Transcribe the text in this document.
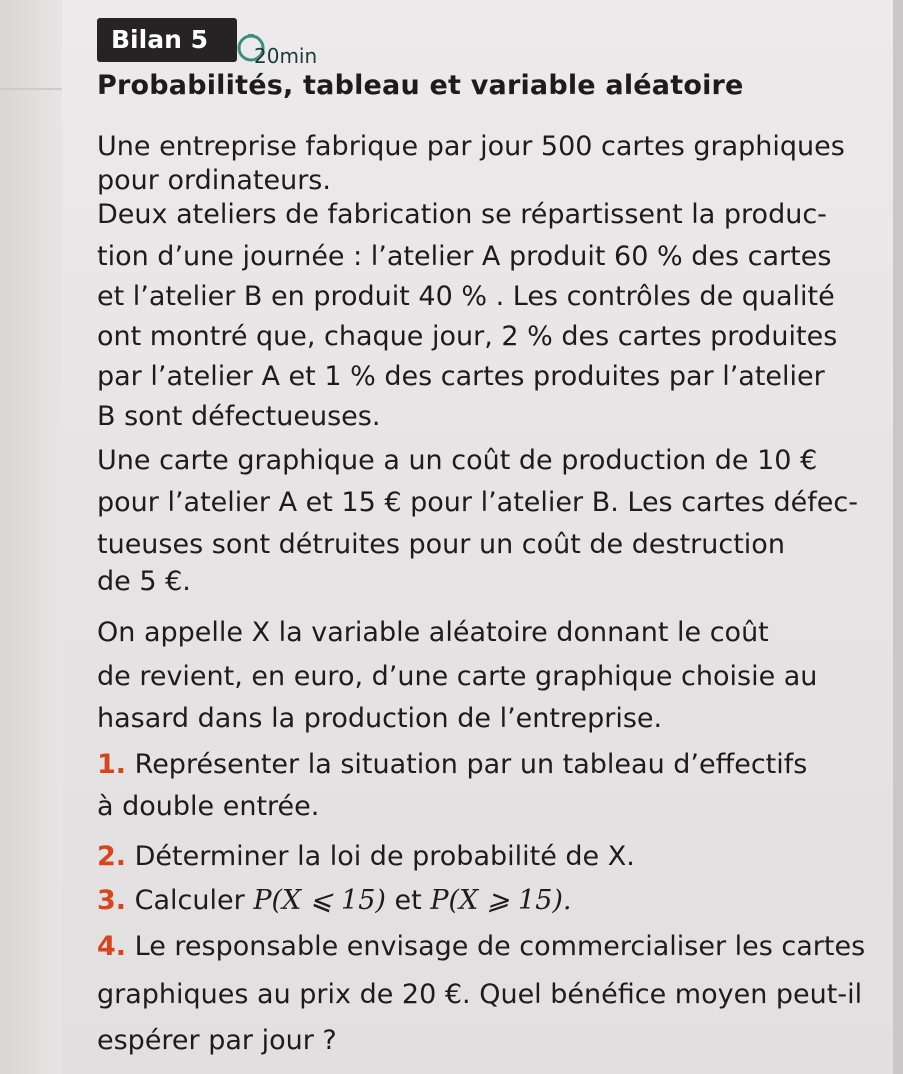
Bilan 5
20min
Probabilités, tableau et variable aléatoire
Une entreprise fabrique par jour 500 cartes graphiques
pour ordinateurs.
Deux ateliers de fabrication se répartissent la produc-
tion d’une journée : l’atelier A produit 60 % des cartes
et l’atelier B en produit 40 % . Les contrôles de qualité
ont montré que, chaque jour, 2 % des cartes produites
par l’atelier A et 1 % des cartes produites par l’atelier
B sont défectueuses.
Une carte graphique a un coût de production de 10 €
pour l’atelier A et 15 € pour l’atelier B. Les cartes défec-
tueuses sont détruites pour un coût de destruction
de 5 €.
On appelle X la variable aléatoire donnant le coût
de revient, en euro, d’une carte graphique choisie au
hasard dans la production de l’entreprise.
1. Représenter la situation par un tableau d’effectifs
à double entrée.
2. Déterminer la loi de probabilité de X.
3. Calculer P(X ⩽ 15) et P(X ⩾ 15).
4. Le responsable envisage de commercialiser les cartes
graphiques au prix de 20 €. Quel bénéfice moyen peut-il
espérer par jour ?
